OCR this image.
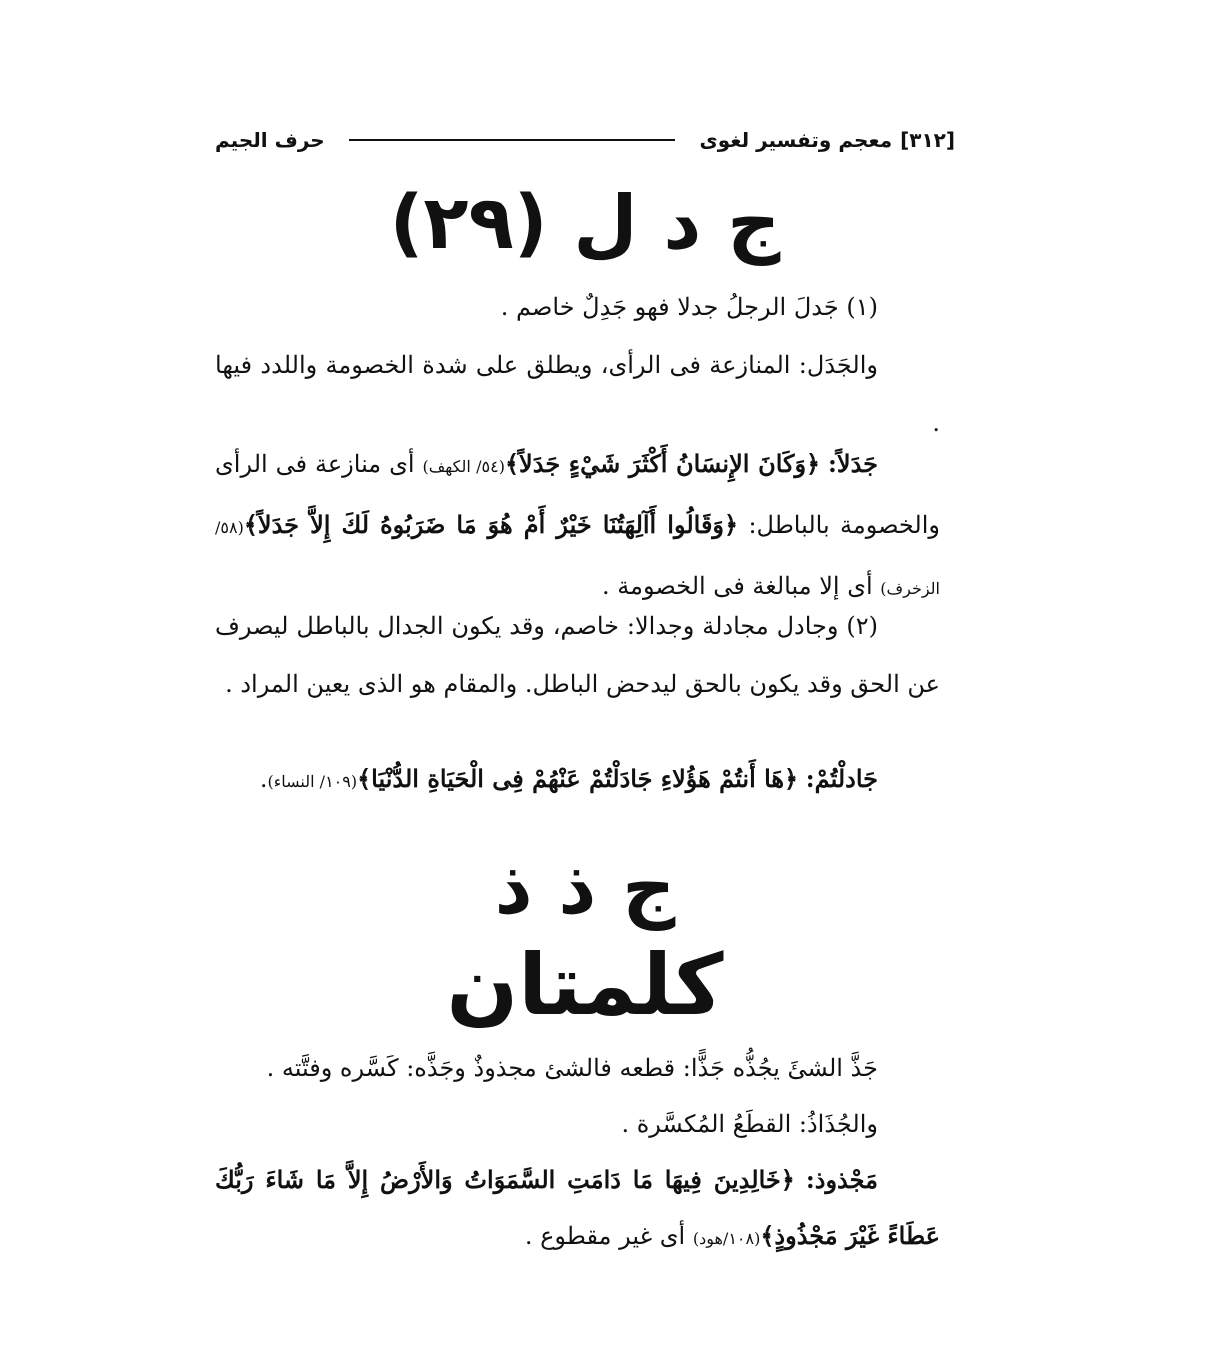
[٣١٢]
معجم وتفسير لغوى
حرف الجيم
ج د ل (٢٩)

(١) جَدلَ الرجلُ جدلا فهو جَدِلٌ خاصم .

والجَدَل: المنازعة فى الرأى، ويطلق على شدة الخصومة واللدد فيها .

جَدَلاً: ﴿وَكَانَ الإِنسَانُ أَكْثَرَ شَيْءٍ جَدَلاً﴾(٥٤/ الكهف) أى منازعة فى الرأى والخصومة بالباطل: ﴿وَقَالُوا أَآلِهَتُنَا خَيْرٌ أَمْ هُوَ مَا ضَرَبُوهُ لَكَ إِلاَّ جَدَلاً﴾(٥٨/ الزخرف) أى إلا مبالغة فى الخصومة .

(٢) وجادل مجادلة وجدالا: خاصم، وقد يكون الجدال بالباطل ليصرف عن الحق وقد يكون بالحق ليدحض الباطل. والمقام هو الذى يعين المراد .

جَادلْتُمْ: ﴿هَا أَنتُمْ هَؤُلاءِ جَادَلْتُمْ عَنْهُمْ فِى الْحَيَاةِ الدُّنْيَا﴾(١٠٩/ النساء).

ج ذ ذ
كلمتان

جَذَّ الشئَ يجُذُّه جَذًّا: قطعه فالشئ مجذوذٌ وجَذَّه: كَسَّره وفتَّته .

والجُذَاذُ: القطَعُ المُكسَّرة .

مَجْذوذ: ﴿خَالِدِينَ فِيهَا مَا دَامَتِ السَّمَوَاتُ وَالأَرْضُ إِلاَّ مَا شَاءَ رَبُّكَ عَطَاءً غَيْرَ مَجْذُوذٍ﴾(١٠٨/هود) أى غير مقطوع .
